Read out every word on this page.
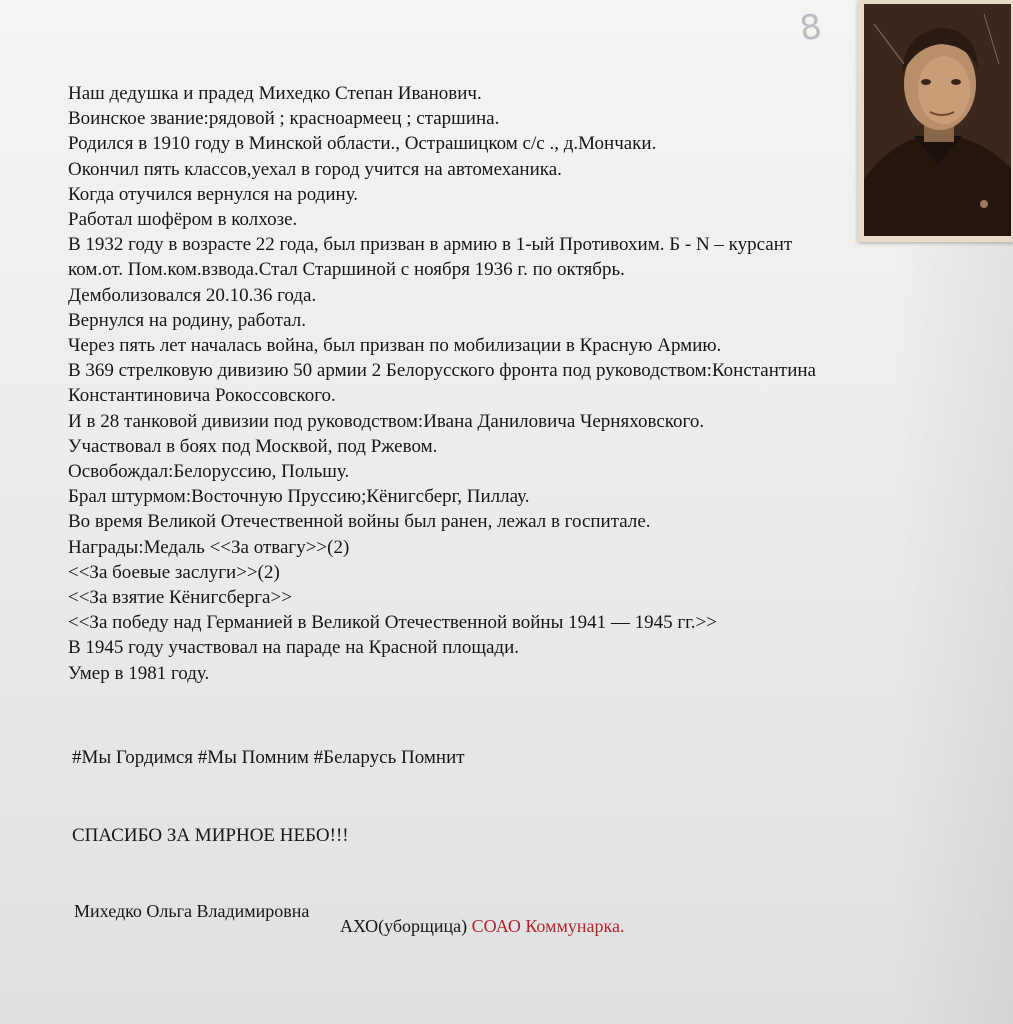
8
Наш дедушка и прадед Михедко Степан Иванович.
Воинское звание:рядовой ; красноармеец ; старшина.
Родился в 1910 году в Минской области., Острашицком с/с ., д.Мончаки.
Окончил пять классов,уехал в город учится на автомеханика.
Когда отучился вернулся на родину.
Работал шофёром в колхозе.
В 1932 году в возрасте 22 года, был призван в армию в 1-ый Противохим. Б - N – курсант
ком.от. Пом.ком.взвода.Стал Старшиной с ноября 1936 г. по октябрь.
Демболизовался 20.10.36 года.
Вернулся на родину, работал.
Через пять лет началась война, был призван по мобилизации в Красную Армию.
В 369 стрелковую дивизию 50 армии 2 Белорусского фронта под руководством:Константина
Константиновича Рокоссовского.
И в 28 танковой дивизии под руководством:Ивана Даниловича Черняховского.
Участвовал в боях под Москвой, под Ржевом.
Освобождал:Белоруссию, Польшу.
Брал штурмом:Восточную Пруссию;Кёнигсберг, Пиллау.
Во время Великой Отечественной войны был ранен, лежал в госпитале.
Награды:Медаль <<За отвагу>>(2)
<<За боевые заслуги>>(2)
<<За взятие Кёнигсберга>>
<<За победу над Германией в Великой Отечественной войны 1941 — 1945 гг.>>
В 1945 году участвовал на параде на Красной площади.
Умер в 1981 году.
#Мы Гордимся #Мы Помним #Беларусь Помнит
СПАСИБО ЗА МИРНОЕ НЕБО!!!
Михедко Ольга Владимировна
АХО(уборщица) СОАО Коммунарка.
